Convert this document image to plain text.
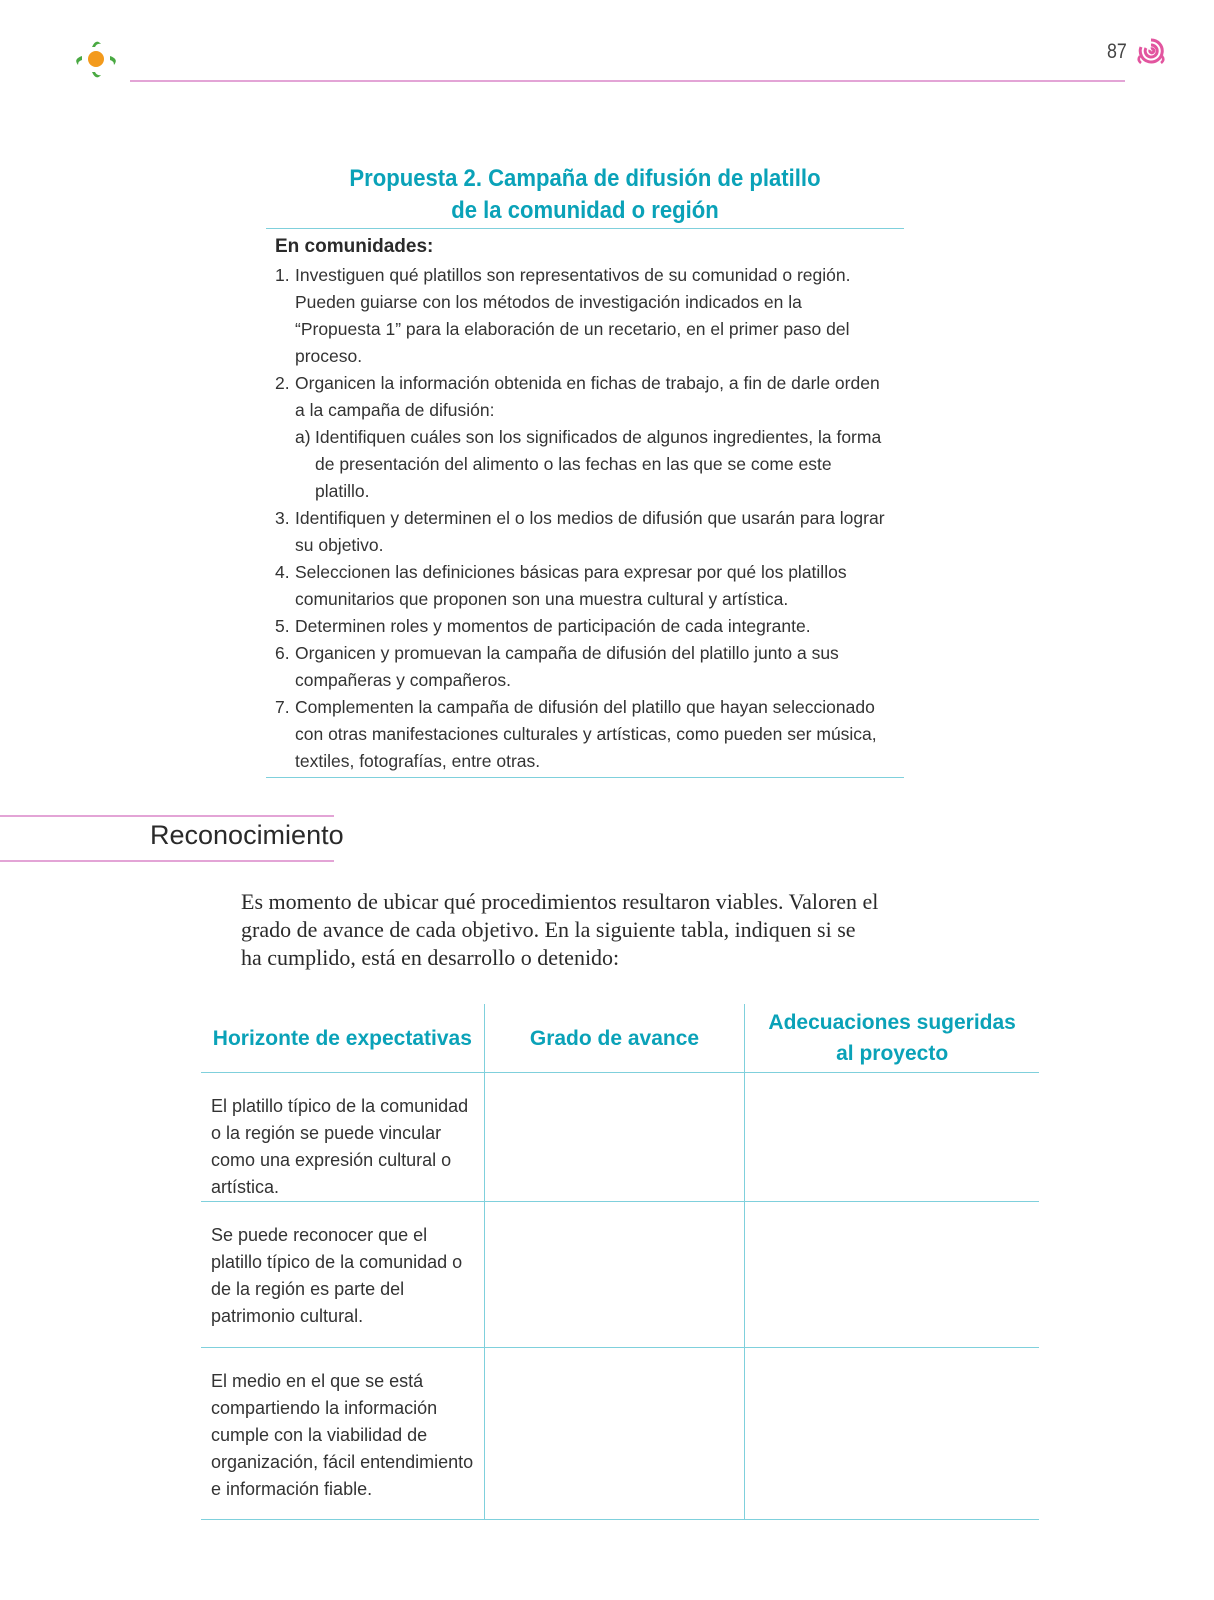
87
Propuesta 2. Campaña de difusión de platillo
de la comunidad o región
En comunidades:
1. Investiguen qué platillos son representativos de su comunidad o región. Pueden guiarse con los métodos de investigación indicados en la “Propuesta 1” para la elaboración de un recetario, en el primer paso del proceso.
2. Organicen la información obtenida en fichas de trabajo, a fin de darle orden a la campaña de difusión:
a) Identifiquen cuáles son los significados de algunos ingredientes, la forma de presentación del alimento o las fechas en las que se come este platillo.
3. Identifiquen y determinen el o los medios de difusión que usarán para lograr su objetivo.
4. Seleccionen las definiciones básicas para expresar por qué los platillos comunitarios que proponen son una muestra cultural y artística.
5. Determinen roles y momentos de participación de cada integrante.
6. Organicen y promuevan la campaña de difusión del platillo junto a sus compañeras y compañeros.
7. Complementen la campaña de difusión del platillo que hayan seleccionado con otras manifestaciones culturales y artísticas, como pueden ser música, textiles, fotografías, entre otras.
Reconocimiento
Es momento de ubicar qué procedimientos resultaron viables. Valoren el grado de avance de cada objetivo. En la siguiente tabla, indiquen si se ha cumplido, está en desarrollo o detenido:
Horizonte de expectativas	Grado de avance	Adecuaciones sugeridas al proyecto
El platillo típico de la comunidad o la región se puede vincular como una expresión cultural o artística.		
Se puede reconocer que el platillo típico de la comunidad o de la región es parte del patrimonio cultural.		
El medio en el que se está compartiendo la información cumple con la viabilidad de organización, fácil entendimiento e información fiable.		
